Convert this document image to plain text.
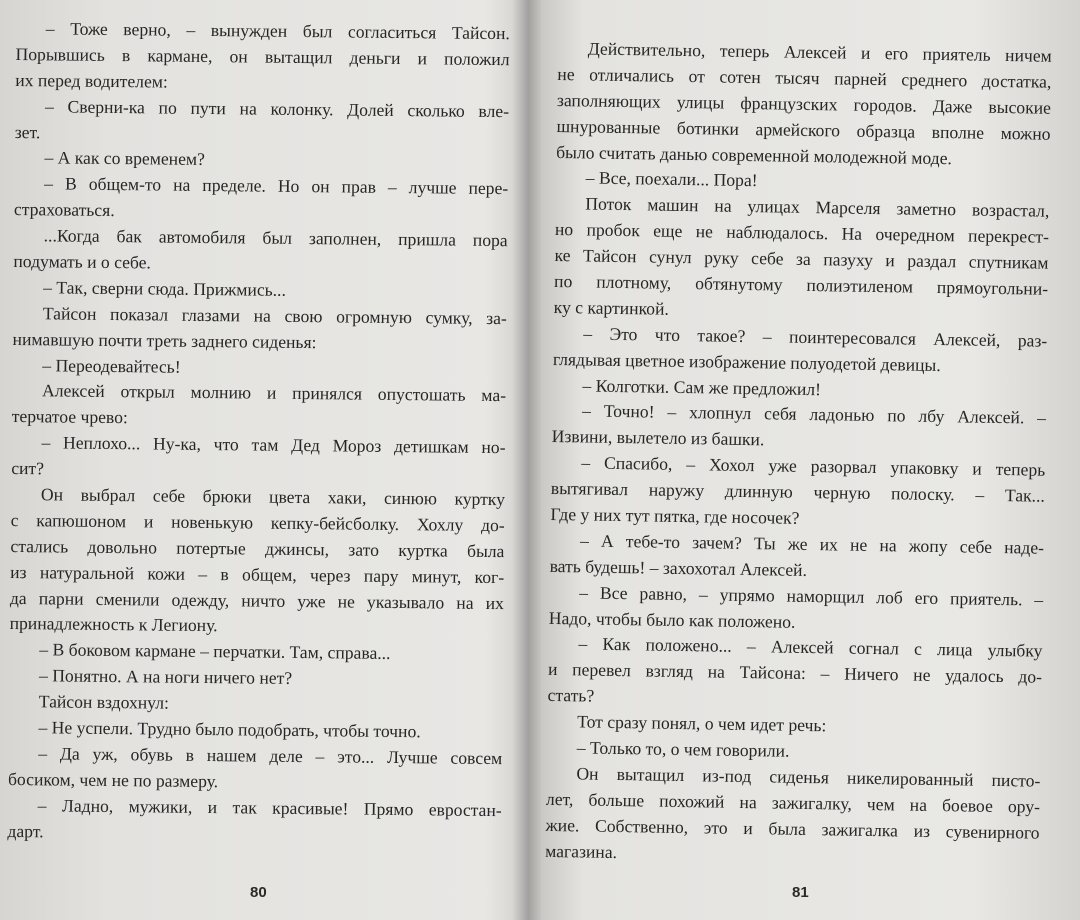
– Тоже верно, – вынужден был согласиться Тайсон.
Порывшись в кармане, он вытащил деньги и положил
их перед водителем:
– Сверни-ка по пути на колонку. Долей сколько вле-
зет.
– А как со временем?
– В общем-то на пределе. Но он прав – лучше пере-
страховаться.
...Когда бак автомобиля был заполнен, пришла пора
подумать и о себе.
– Так, сверни сюда. Прижмись...
Тайсон показал глазами на свою огромную сумку, за-
нимавшую почти треть заднего сиденья:
– Переодевайтесь!
Алексей открыл молнию и принялся опустошать ма-
терчатое чрево:
– Неплохо... Ну-ка, что там Дед Мороз детишкам но-
сит?
Он выбрал себе брюки цвета хаки, синюю куртку
с капюшоном и новенькую кепку-бейсболку. Хохлу до-
стались довольно потертые джинсы, зато куртка была
из натуральной кожи – в общем, через пару минут, ког-
да парни сменили одежду, ничто уже не указывало на их
принадлежность к Легиону.
– В боковом кармане – перчатки. Там, справа...
– Понятно. А на ноги ничего нет?
Тайсон вздохнул:
– Не успели. Трудно было подобрать, чтобы точно.
– Да уж, обувь в нашем деле – это... Лучше совсем
босиком, чем не по размеру.
– Ладно, мужики, и так красивые! Прямо евростан-
дарт.
80
Действительно, теперь Алексей и его приятель ничем
не отличались от сотен тысяч парней среднего достатка,
заполняющих улицы французских городов. Даже высокие
шнурованные ботинки армейского образца вполне можно
было считать данью современной молодежной моде.
– Все, поехали... Пора!
Поток машин на улицах Марселя заметно возрастал,
но пробок еще не наблюдалось. На очередном перекрест-
ке Тайсон сунул руку себе за пазуху и раздал спутникам
по плотному, обтянутому полиэтиленом прямоугольни-
ку с картинкой.
– Это что такое? – поинтересовался Алексей, раз-
глядывая цветное изображение полуодетой девицы.
– Колготки. Сам же предложил!
– Точно! – хлопнул себя ладонью по лбу Алексей. –
Извини, вылетело из башки.
– Спасибо, – Хохол уже разорвал упаковку и теперь
вытягивал наружу длинную черную полоску. – Так...
Где у них тут пятка, где носочек?
– А тебе-то зачем? Ты же их не на жопу себе наде-
вать будешь! – захохотал Алексей.
– Все равно, – упрямо наморщил лоб его приятель. –
Надо, чтобы было как положено.
– Как положено... – Алексей согнал с лица улыбку
и перевел взгляд на Тайсона: – Ничего не удалось до-
стать?
Тот сразу понял, о чем идет речь:
– Только то, о чем говорили.
Он вытащил из-под сиденья никелированный писто-
лет, больше похожий на зажигалку, чем на боевое ору-
жие. Собственно, это и была зажигалка из сувенирного
магазина.
81
